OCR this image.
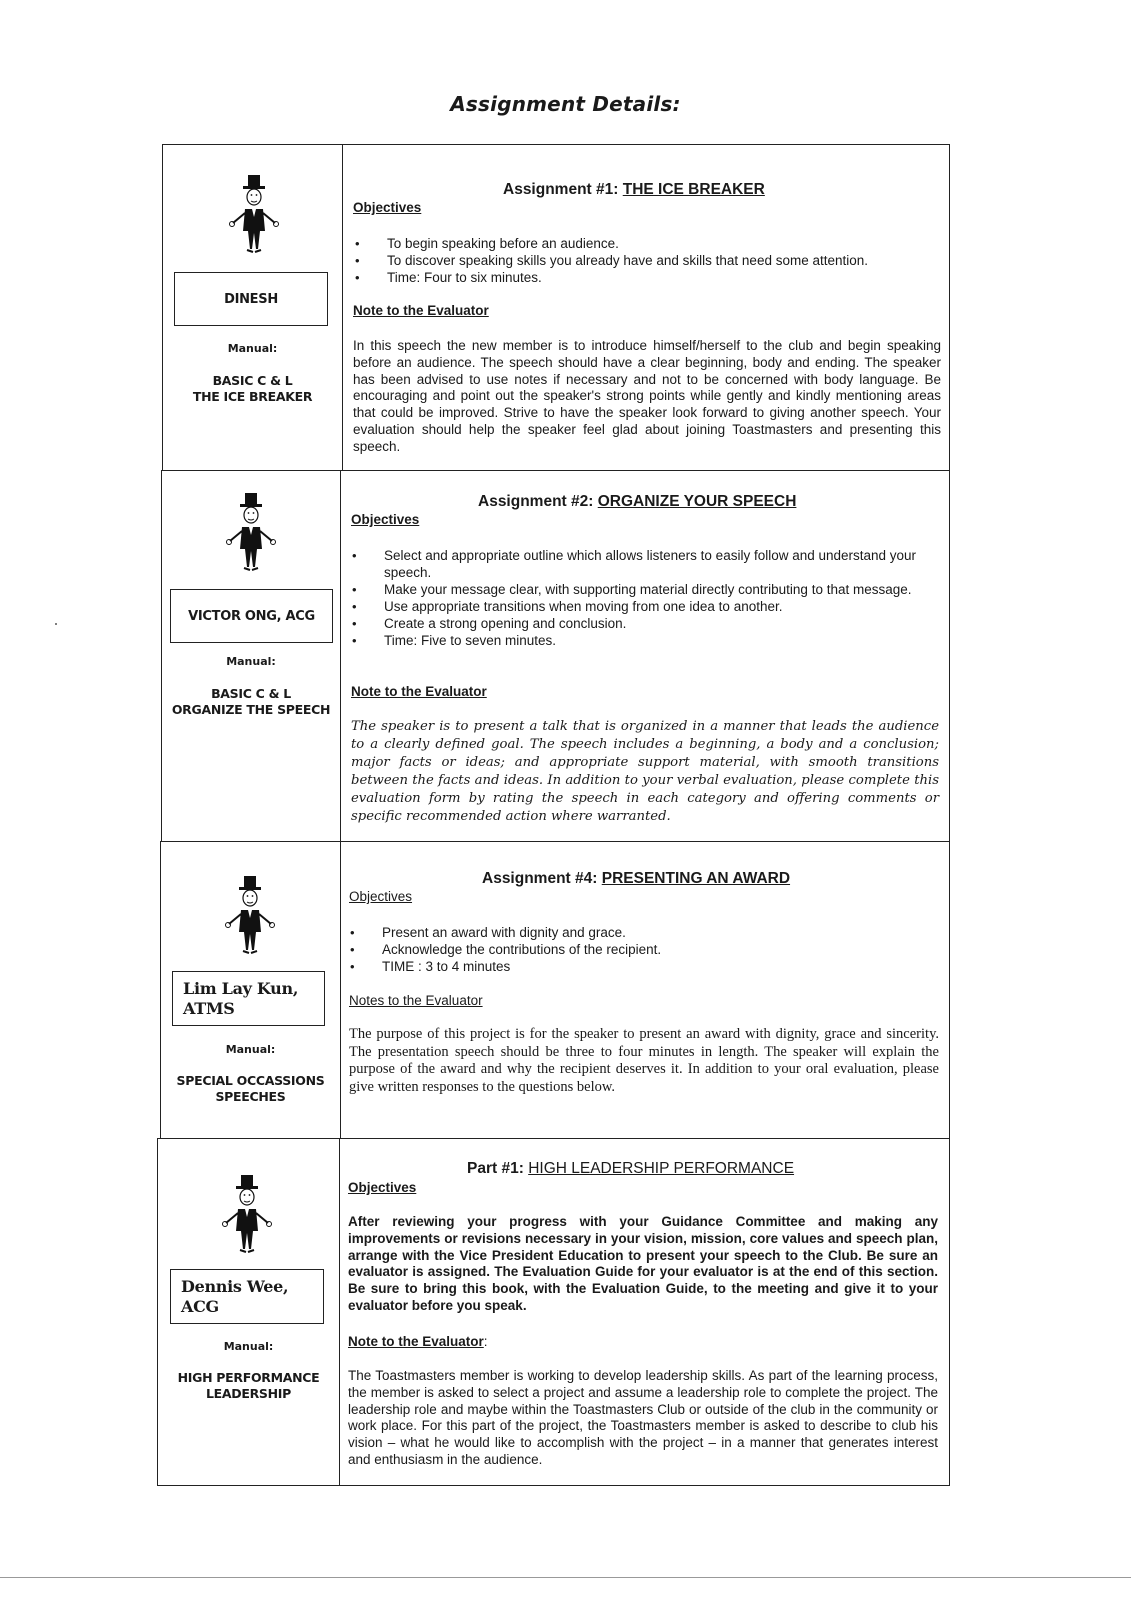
Assignment Details:
DINESH
Manual:
BASIC C & L
THE ICE BREAKER
Assignment #1: THE ICE BREAKER
Objectives
• To begin speaking before an audience.
• To discover speaking skills you already have and skills that need some attention.
• Time: Four to six minutes.
Note to the Evaluator
In this speech the new member is to introduce himself/herself to the club and begin speaking before an audience. The speech should have a clear beginning, body and ending. The speaker has been advised to use notes if necessary and not to be concerned with body language. Be encouraging and point out the speaker's strong points while gently and kindly mentioning areas that could be improved. Strive to have the speaker look forward to giving another speech. Your evaluation should help the speaker feel glad about joining Toastmasters and presenting this speech.
VICTOR ONG, ACG
Manual:
BASIC C & L
ORGANIZE THE SPEECH
Assignment #2: ORGANIZE YOUR SPEECH
Objectives
• Select and appropriate outline which allows listeners to easily follow and understand your speech.
• Make your message clear, with supporting material directly contributing to that message.
• Use appropriate transitions when moving from one idea to another.
• Create a strong opening and conclusion.
• Time: Five to seven minutes.
Note to the Evaluator
The speaker is to present a talk that is organized in a manner that leads the audience to a clearly defined goal. The speech includes a beginning, a body and a conclusion; major facts or ideas; and appropriate support material, with smooth transitions between the facts and ideas. In addition to your verbal evaluation, please complete this evaluation form by rating the speech in each category and offering comments or specific recommended action where warranted.
Lim Lay Kun, ATMS
Manual:
SPECIAL OCCASSIONS
SPEECHES
Assignment #4: PRESENTING AN AWARD
Objectives
• Present an award with dignity and grace.
• Acknowledge the contributions of the recipient.
• TIME : 3 to 4 minutes
Notes to the Evaluator
The purpose of this project is for the speaker to present an award with dignity, grace and sincerity. The presentation speech should be three to four minutes in length. The speaker will explain the purpose of the award and why the recipient deserves it. In addition to your oral evaluation, please give written responses to the questions below.
Dennis Wee, ACG
Manual:
HIGH PERFORMANCE
LEADERSHIP
Part #1: HIGH LEADERSHIP PERFORMANCE
Objectives
After reviewing your progress with your Guidance Committee and making any improvements or revisions necessary in your vision, mission, core values and speech plan, arrange with the Vice President Education to present your speech to the Club. Be sure an evaluator is assigned. The Evaluation Guide for your evaluator is at the end of this section. Be sure to bring this book, with the Evaluation Guide, to the meeting and give it to your evaluator before you speak.
Note to the Evaluator:
The Toastmasters member is working to develop leadership skills. As part of the learning process, the member is asked to select a project and assume a leadership role to complete the project. The leadership role and maybe within the Toastmasters Club or outside of the club in the community or work place. For this part of the project, the Toastmasters member is asked to describe to club his vision – what he would like to accomplish with the project – in a manner that generates interest and enthusiasm in the audience.
